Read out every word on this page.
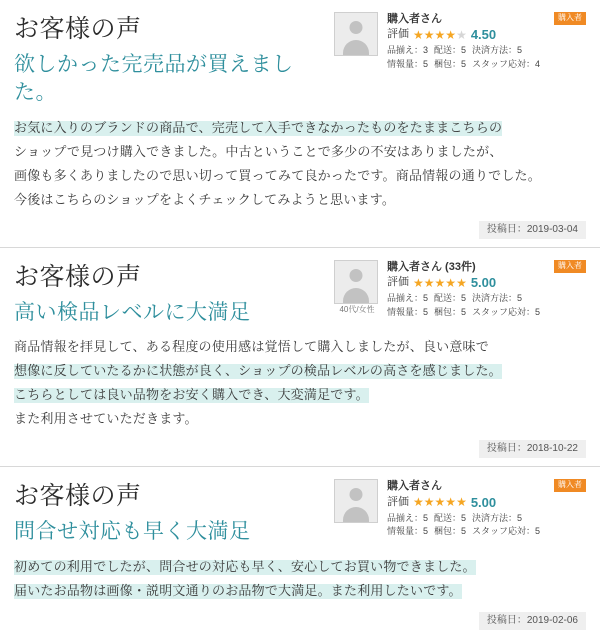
お客様の声
欲しかった完売品が買えました。
購入者さん
評価 ★★★★★ 4.50
品揃え：3 配送：5 決済方法：5
情報量：5 梱包：5 スタッフ応対：4
購入者

お気に入りのブランドの商品で、完売して入手できなかったものをたままこちらの

ショップで見つけ購入できました。中古ということで多少の不安はありましたが、

画像も多くありましたので思い切って買ってみて良かったです。商品情報の通りでした。

今後はこちらのショップをよくチェックしてみようと思います。

投稿日：2019-03-04
お客様の声
高い検品レベルに大満足	40代/女性
購入者さん (33件)
評価 ★★★★★ 5.00
品揃え：5 配送：5 決済方法：5
情報量：5 梱包：5 スタッフ応対：5
購入者

商品情報を拝見して、ある程度の使用感は覚悟して購入しましたが、良い意味で

想像に反していたるかに状態が良く、ショップの検品レベルの高さを感じました。

こちらとしては良い品物をお安く購入でき、大変満足です。

また利用させていただきます。

投稿日：2018-10-22
お客様の声
問合せ対応も早く大満足
購入者さん
評価 ★★★★★ 5.00
品揃え：5 配送：5 決済方法：5
情報量：5 梱包：5 スタッフ応対：5
購入者

初めての利用でしたが、問合せの対応も早く、安心してお買い物できました。

届いたお品物は画像・説明文通りのお品物で大満足。また利用したいです。

投稿日：2019-02-06
